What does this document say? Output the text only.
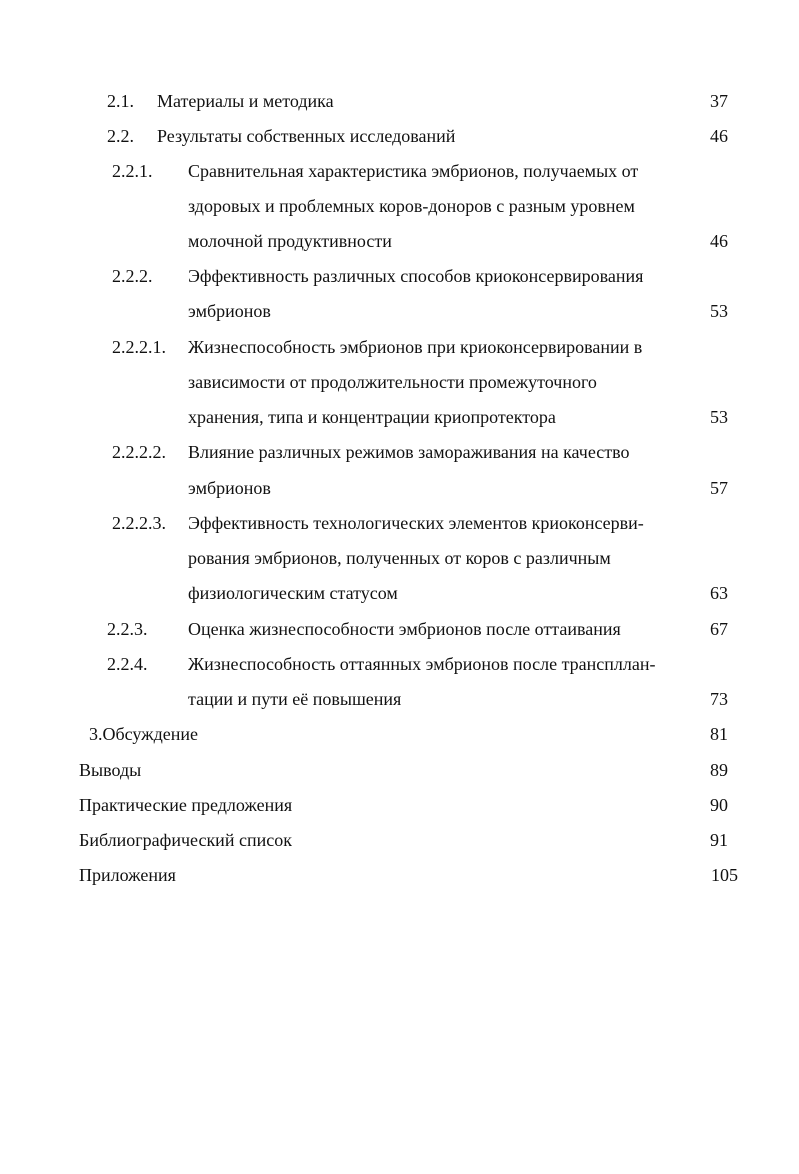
2.1. Материалы и методика	37
2.2. Результаты собственных исследований	46
2.2.1. Сравнительная характеристика эмбрионов, получаемых от
здоровых и проблемных коров-доноров с разным уровнем
молочной продуктивности	46
2.2.2. Эффективность различных способов криоконсервирования
эмбрионов	53
2.2.2.1. Жизнеспособность эмбрионов при криоконсервировании в
зависимости от продолжительности промежуточного
хранения, типа и концентрации криопротектора	53
2.2.2.2. Влияние различных режимов замораживания на качество
эмбрионов	57
2.2.2.3. Эффективность технологических элементов криоконсерви-
рования эмбрионов, полученных от коров с различным
физиологическим статусом	63
2.2.3. Оценка жизнеспособности эмбрионов после оттаивания	67
2.2.4. Жизнеспособность оттаянных эмбрионов после транспллан-
тации и пути её повышения	73
3.Обсуждение	81
Выводы	89
Практические предложения	90
Библиографический список	91
Приложения	105
